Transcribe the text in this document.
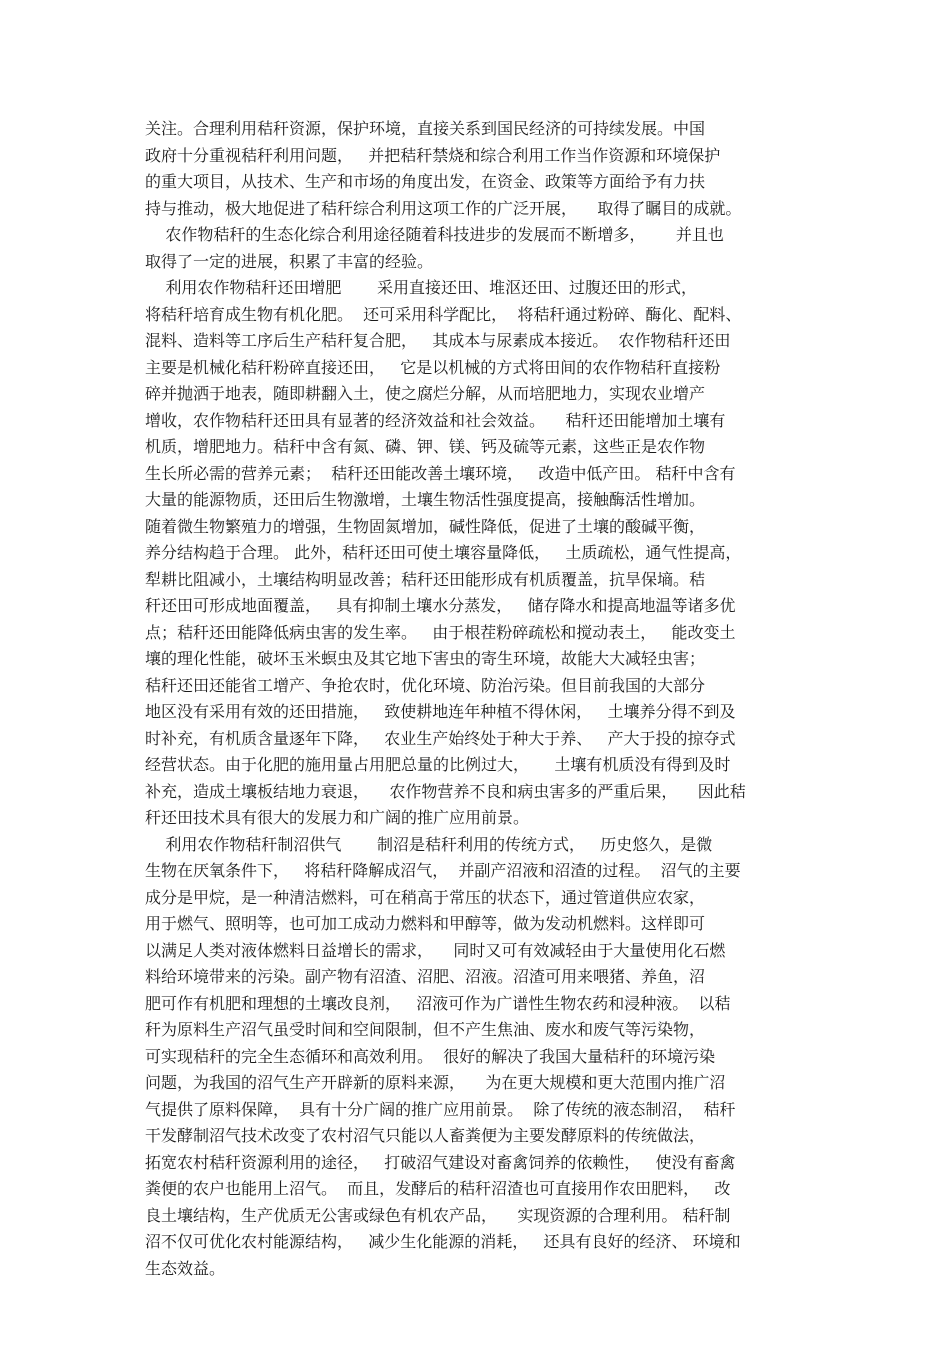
关注。合理利用秸秆资源，保护环境，直接关系到国民经济的可持续发展。中国
政府十分重视秸秆利用问题，   并把秸秆禁烧和综合利用工作当作资源和环境保护
的重大项目，从技术、生产和市场的角度出发，在资金、政策等方面给予有力扶
持与推动，极大地促进了秸秆综合利用这项工作的广泛开展，    取得了瞩目的成就。
农作物秸秆的生态化综合利用途径随着科技进步的发展而不断增多，      并且也
取得了一定的进展，积累了丰富的经验。
利用农作物秸秆还田增肥       采用直接还田、堆沤还田、过腹还田的形式，
将秸秆培育成生物有机化肥。  还可采用科学配比，  将秸秆通过粉碎、酶化、配料、
混料、造料等工序后生产秸秆复合肥，   其成本与尿素成本接近。  农作物秸秆还田
主要是机械化秸秆粉碎直接还田，   它是以机械的方式将田间的农作物秸秆直接粉
碎并抛洒于地表，随即耕翻入土，使之腐烂分解，从而培肥地力，实现农业增产
增收，农作物秸秆还田具有显著的经济效益和社会效益。    秸秆还田能增加土壤有
机质，增肥地力。秸秆中含有氮、磷、钾、镁、钙及硫等元素，这些正是农作物
生长所必需的营养元素；  秸秆还田能改善土壤环境，   改造中低产田。 秸秆中含有
大量的能源物质，还田后生物激增，土壤生物活性强度提高，接触酶活性增加。
随着微生物繁殖力的增强，生物固氮增加，碱性降低，促进了土壤的酸碱平衡，
养分结构趋于合理。 此外，秸秆还田可使土壤容量降低，   土质疏松，通气性提高，
犁耕比阻减小，土壤结构明显改善；秸秆还田能形成有机质覆盖，抗旱保墒。秸
秆还田可形成地面覆盖，   具有抑制土壤水分蒸发，   储存降水和提高地温等诸多优
点；秸秆还田能降低病虫害的发生率。   由于根茬粉碎疏松和搅动表土，   能改变土
壤的理化性能，破坏玉米螟虫及其它地下害虫的寄生环境，故能大大减轻虫害；
秸秆还田还能省工增产、争抢农时，优化环境、防治污染。但目前我国的大部分
地区没有采用有效的还田措施，   致使耕地连年种植不得休闲，   土壤养分得不到及
时补充，有机质含量逐年下降，   农业生产始终处于种大于养、   产大于投的掠夺式
经营状态。由于化肥的施用量占用肥总量的比例过大，     土壤有机质没有得到及时
补充，造成土壤板结地力衰退，    农作物营养不良和病虫害多的严重后果，    因此秸
秆还田技术具有很大的发展力和广阔的推广应用前景。
利用农作物秸秆制沼供气       制沼是秸秆利用的传统方式，   历史悠久，是微
生物在厌氧条件下，   将秸秆降解成沼气，  并副产沼液和沼渣的过程。  沼气的主要
成分是甲烷，是一种清洁燃料，可在稍高于常压的状态下，通过管道供应农家，
用于燃气、照明等，也可加工成动力燃料和甲醇等，做为发动机燃料。这样即可
以满足人类对液体燃料日益增长的需求，    同时又可有效减轻由于大量使用化石燃
料给环境带来的污染。副产物有沼渣、沼肥、沼液。沼渣可用来喂猪、养鱼，沼
肥可作有机肥和理想的土壤改良剂，   沼液可作为广谱性生物农药和浸种液。  以秸
秆为原料生产沼气虽受时间和空间限制，但不产生焦油、废水和废气等污染物，
可实现秸秆的完全生态循环和高效利用。  很好的解决了我国大量秸秆的环境污染
问题，为我国的沼气生产开辟新的原料来源，    为在更大规模和更大范围内推广沼
气提供了原料保障，  具有十分广阔的推广应用前景。  除了传统的液态制沼，  秸秆
干发酵制沼气技术改变了农村沼气只能以人畜粪便为主要发酵原料的传统做法，
拓宽农村秸秆资源利用的途径，   打破沼气建设对畜禽饲养的依赖性，   使没有畜禽
粪便的农户也能用上沼气。  而且，发酵后的秸秆沼渣也可直接用作农田肥料，   改
良土壤结构，生产优质无公害或绿色有机农产品，    实现资源的合理利用。 秸秆制
沼不仅可优化农村能源结构，   减少生化能源的消耗，   还具有良好的经济、 环境和
生态效益。
